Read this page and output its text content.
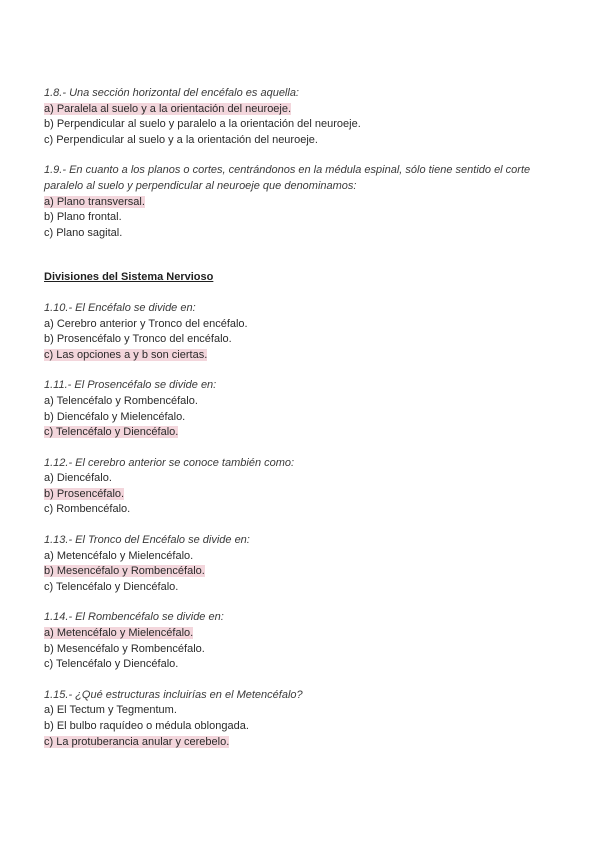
1.8.- Una sección horizontal del encéfalo es aquella:
a) Paralela al suelo y a la orientación del neuroeje.
b) Perpendicular al suelo y paralelo a la orientación del neuroeje.
c) Perpendicular al suelo y a la orientación del neuroeje.
1.9.- En cuanto a los planos o cortes, centrándonos en la médula espinal, sólo tiene sentido el corte paralelo al suelo y perpendicular al neuroeje que denominamos:
a) Plano transversal.
b) Plano frontal.
c) Plano sagital.
Divisiones del Sistema Nervioso
1.10.- El Encéfalo se divide en:
a) Cerebro anterior y Tronco del encéfalo.
b) Prosencéfalo y Tronco del encéfalo.
c) Las opciones a y b son ciertas.
1.11.- El Prosencéfalo se divide en:
a) Telencéfalo y Rombencéfalo.
b) Diencéfalo y Mielencéfalo.
c) Telencéfalo y Diencéfalo.
1.12.- El cerebro anterior se conoce también como:
a) Diencéfalo.
b) Prosencéfalo.
c) Rombencéfalo.
1.13.- El Tronco del Encéfalo se divide en:
a) Metencéfalo y Mielencéfalo.
b) Mesencéfalo y Rombencéfalo.
c) Telencéfalo y Diencéfalo.
1.14.- El Rombencéfalo se divide en:
a) Metencéfalo y Mielencéfalo.
b) Mesencéfalo y Rombencéfalo.
c) Telencéfalo y Diencéfalo.
1.15.- ¿Qué estructuras incluirías en el Metencéfalo?
a) El Tectum y Tegmentum.
b) El bulbo raquídeo o médula oblongada.
c) La protuberancia anular y cerebelo.
